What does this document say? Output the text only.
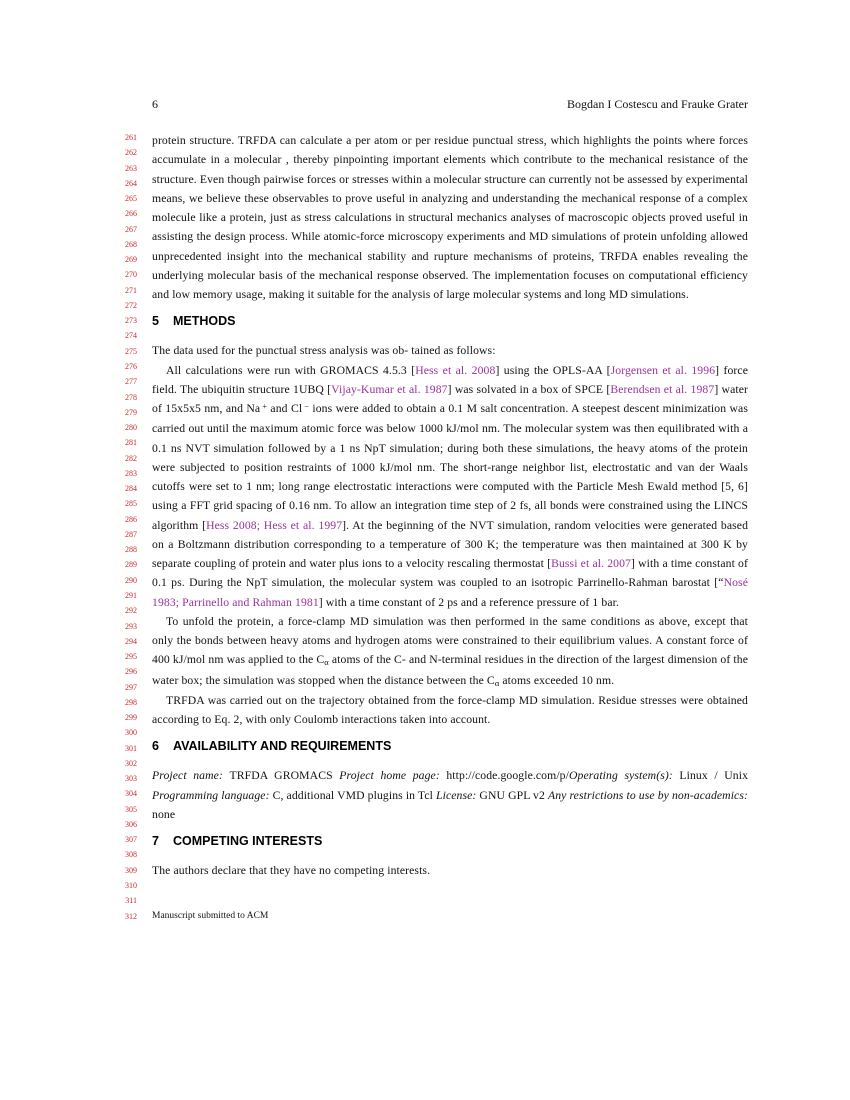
6	Bogdan I Costescu and Frauke Grater
261
262
263
264
265
266
267
268
269
270
271
272
273
274
275
276
277
278
279
280
281
282
283
284
285
286
287
288
289
290
291
292
293
294
295
296
297
298
299
300
301
302
303
304
305
306
307
308
309
310
311
312

protein structure. TRFDA can calculate a per atom or per residue punctual stress, which highlights the points where forces accumulate in a molecular , thereby pinpointing important elements which contribute to the mechanical resistance of the structure. Even though pairwise forces or stresses within a molecular structure can currently not be assessed by experimental means, we believe these observables to prove useful in analyzing and understanding the mechanical response of a complex molecule like a protein, just as stress calculations in structural mechanics analyses of macroscopic objects proved useful in assisting the design process. While atomic-force microscopy experiments and MD simulations of protein unfolding allowed unprecedented insight into the mechanical stability and rupture mechanisms of proteins, TRFDA enables revealing the underlying molecular basis of the mechanical response observed. The implementation focuses on computational efficiency and low memory usage, making it suitable for the analysis of large molecular systems and long MD simulations.

5 METHODS

The data used for the punctual stress analysis was ob- tained as follows:

All calculations were run with GROMACS 4.5.3 [Hess et al. 2008] using the OPLS-AA [Jorgensen et al. 1996] force field. The ubiquitin structure 1UBQ [Vijay-Kumar et al. 1987] was solvated in a box of SPCE [Berendsen et al. 1987] water of 15x5x5 nm, and Na + and Cl − ions were added to obtain a 0.1 M salt concentration. A steepest descent minimization was carried out until the maximum atomic force was below 1000 kJ/mol nm. The molecular system was then equilibrated with a 0.1 ns NVT simulation followed by a 1 ns NpT simulation; during both these simulations, the heavy atoms of the protein were subjected to position restraints of 1000 kJ/mol nm. The short-range neighbor list, electrostatic and van der Waals cutoffs were set to 1 nm; long range electrostatic interactions were computed with the Particle Mesh Ewald method [5, 6] using a FFT grid spacing of 0.16 nm. To allow an integration time step of 2 fs, all bonds were constrained using the LINCS algorithm [Hess 2008; Hess et al. 1997]. At the beginning of the NVT simulation, random velocities were generated based on a Boltzmann distribution corresponding to a temperature of 300 K; the temperature was then maintained at 300 K by separate coupling of protein and water plus ions to a velocity rescaling thermostat [Bussi et al. 2007] with a time constant of 0.1 ps. During the NpT simulation, the molecular system was coupled to an isotropic Parrinello-Rahman barostat [“Nosé 1983; Parrinello and Rahman 1981] with a time constant of 2 ps and a reference pressure of 1 bar.

To unfold the protein, a force-clamp MD simulation was then performed in the same conditions as above, except that only the bonds between heavy atoms and hydrogen atoms were constrained to their equilibrium values. A constant force of 400 kJ/mol nm was applied to the Cα atoms of the C- and N-terminal residues in the direction of the largest dimension of the water box; the simulation was stopped when the distance between the Cα atoms exceeded 10 nm.

TRFDA was carried out on the trajectory obtained from the force-clamp MD simulation. Residue stresses were obtained according to Eq. 2, with only Coulomb interactions taken into account.

6 AVAILABILITY AND REQUIREMENTS

Project name: TRFDA GROMACS Project home page: http://code.google.com/p/Operating system(s): Linux / Unix Programming language: C, additional VMD plugins in Tcl License: GNU GPL v2 Any restrictions to use by non-academics: none

7 COMPETING INTERESTS

The authors declare that they have no competing interests.

Manuscript submitted to ACM
